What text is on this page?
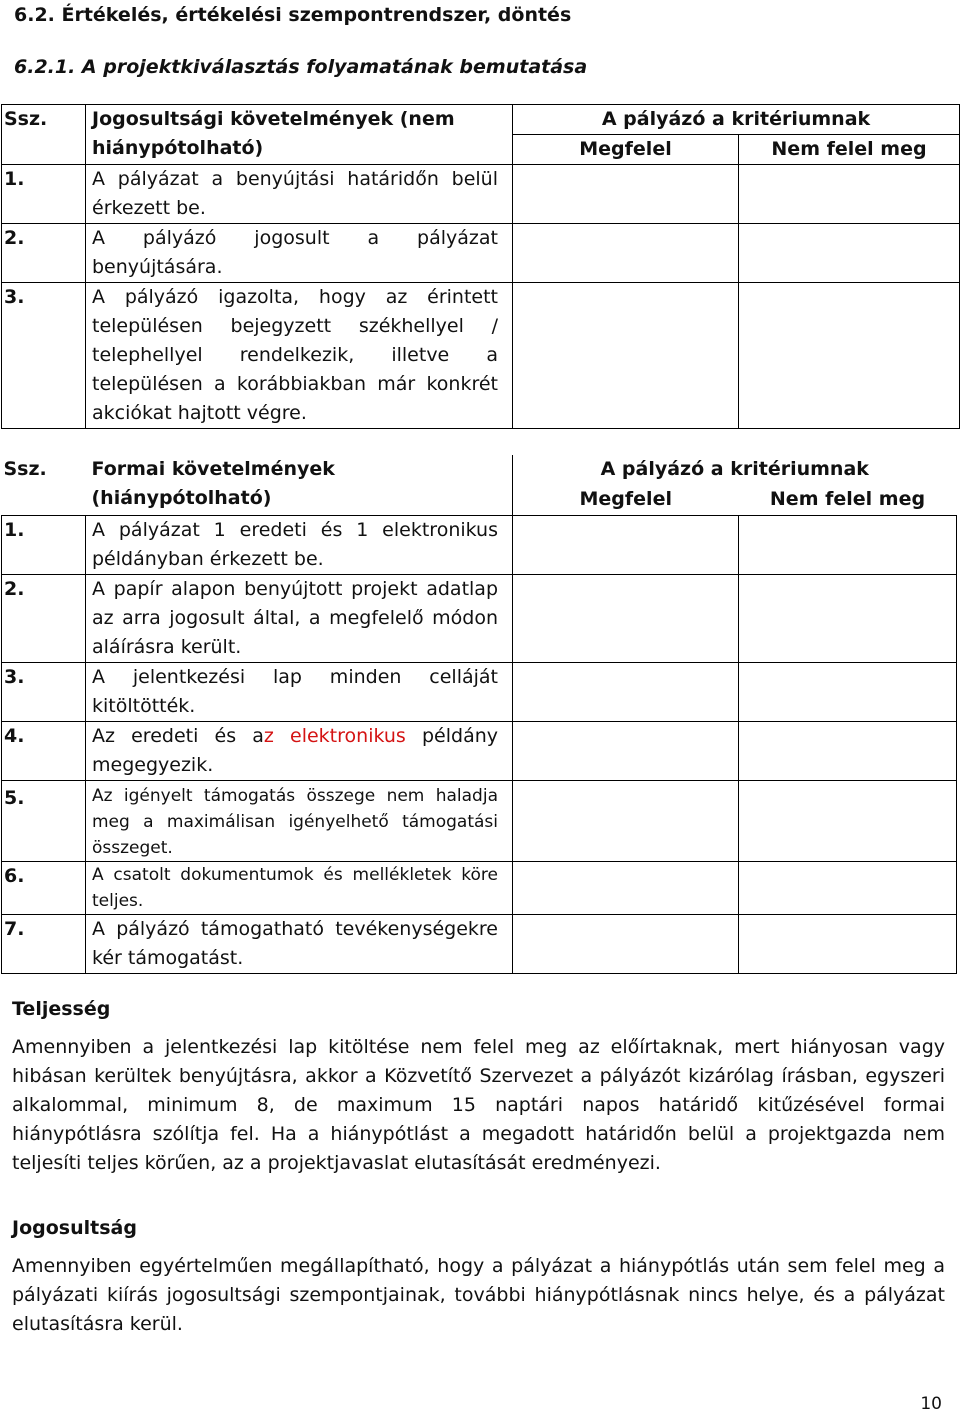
6.2. Értékelés, értékelési szempontrendszer, döntés
6.2.1. A projektkiválasztás folyamatának bemutatása
Ssz.	Jogosultsági követelmények (nem hiánypótolható)	A pályázó a kritériumnak	
		Megfelel	Nem felel meg
1.	A pályázat a benyújtási határidőn belül érkezett be.		
2.	A pályázó jogosult a pályázat benyújtására.		
3.	A pályázó igazolta, hogy az érintett településen bejegyzett székhellyel / telephellyel rendelkezik, illetve a településen a korábbiakban már konkrét akciókat hajtott végre.		
Ssz.	Formai követelmények (hiánypótolható)	A pályázó a kritériumnak	
		Megfelel	Nem felel meg
1.	A pályázat 1 eredeti és 1 elektronikus példányban érkezett be.		
2.	A papír alapon benyújtott projekt adatlap az arra jogosult által, a megfelelő módon aláírásra került.		
3.	A jelentkezési lap minden celláját kitöltötték.		
4.	Az eredeti és az elektronikus példány megegyezik.		
5.	Az igényelt támogatás összege nem haladja meg a maximálisan igényelhető támogatási összeget.		

6.	A csatolt dokumentumok és mellékletek köre teljes.		

7.	A pályázó támogatható tevékenységekre kér támogatást.		
Teljesség
Amennyiben a jelentkezési lap kitöltése nem felel meg az előírtaknak, mert hiányosan vagy hibásan kerültek benyújtásra, akkor a Közvetítő Szervezet a pályázót kizárólag írásban, egyszeri alkalommal, minimum 8, de maximum 15 naptári napos határidő kitűzésével formai hiánypótlásra szólítja fel. Ha a hiánypótlást a megadott határidőn belül a projektgazda nem teljesíti teljes körűen, az a projektjavaslat elutasítását eredményezi.
Jogosultság
Amennyiben egyértelműen megállapítható, hogy a pályázat a hiánypótlás után sem felel meg a pályázati kiírás jogosultsági szempontjainak, további hiánypótlásnak nincs helye, és a pályázat elutasításra kerül.
10
